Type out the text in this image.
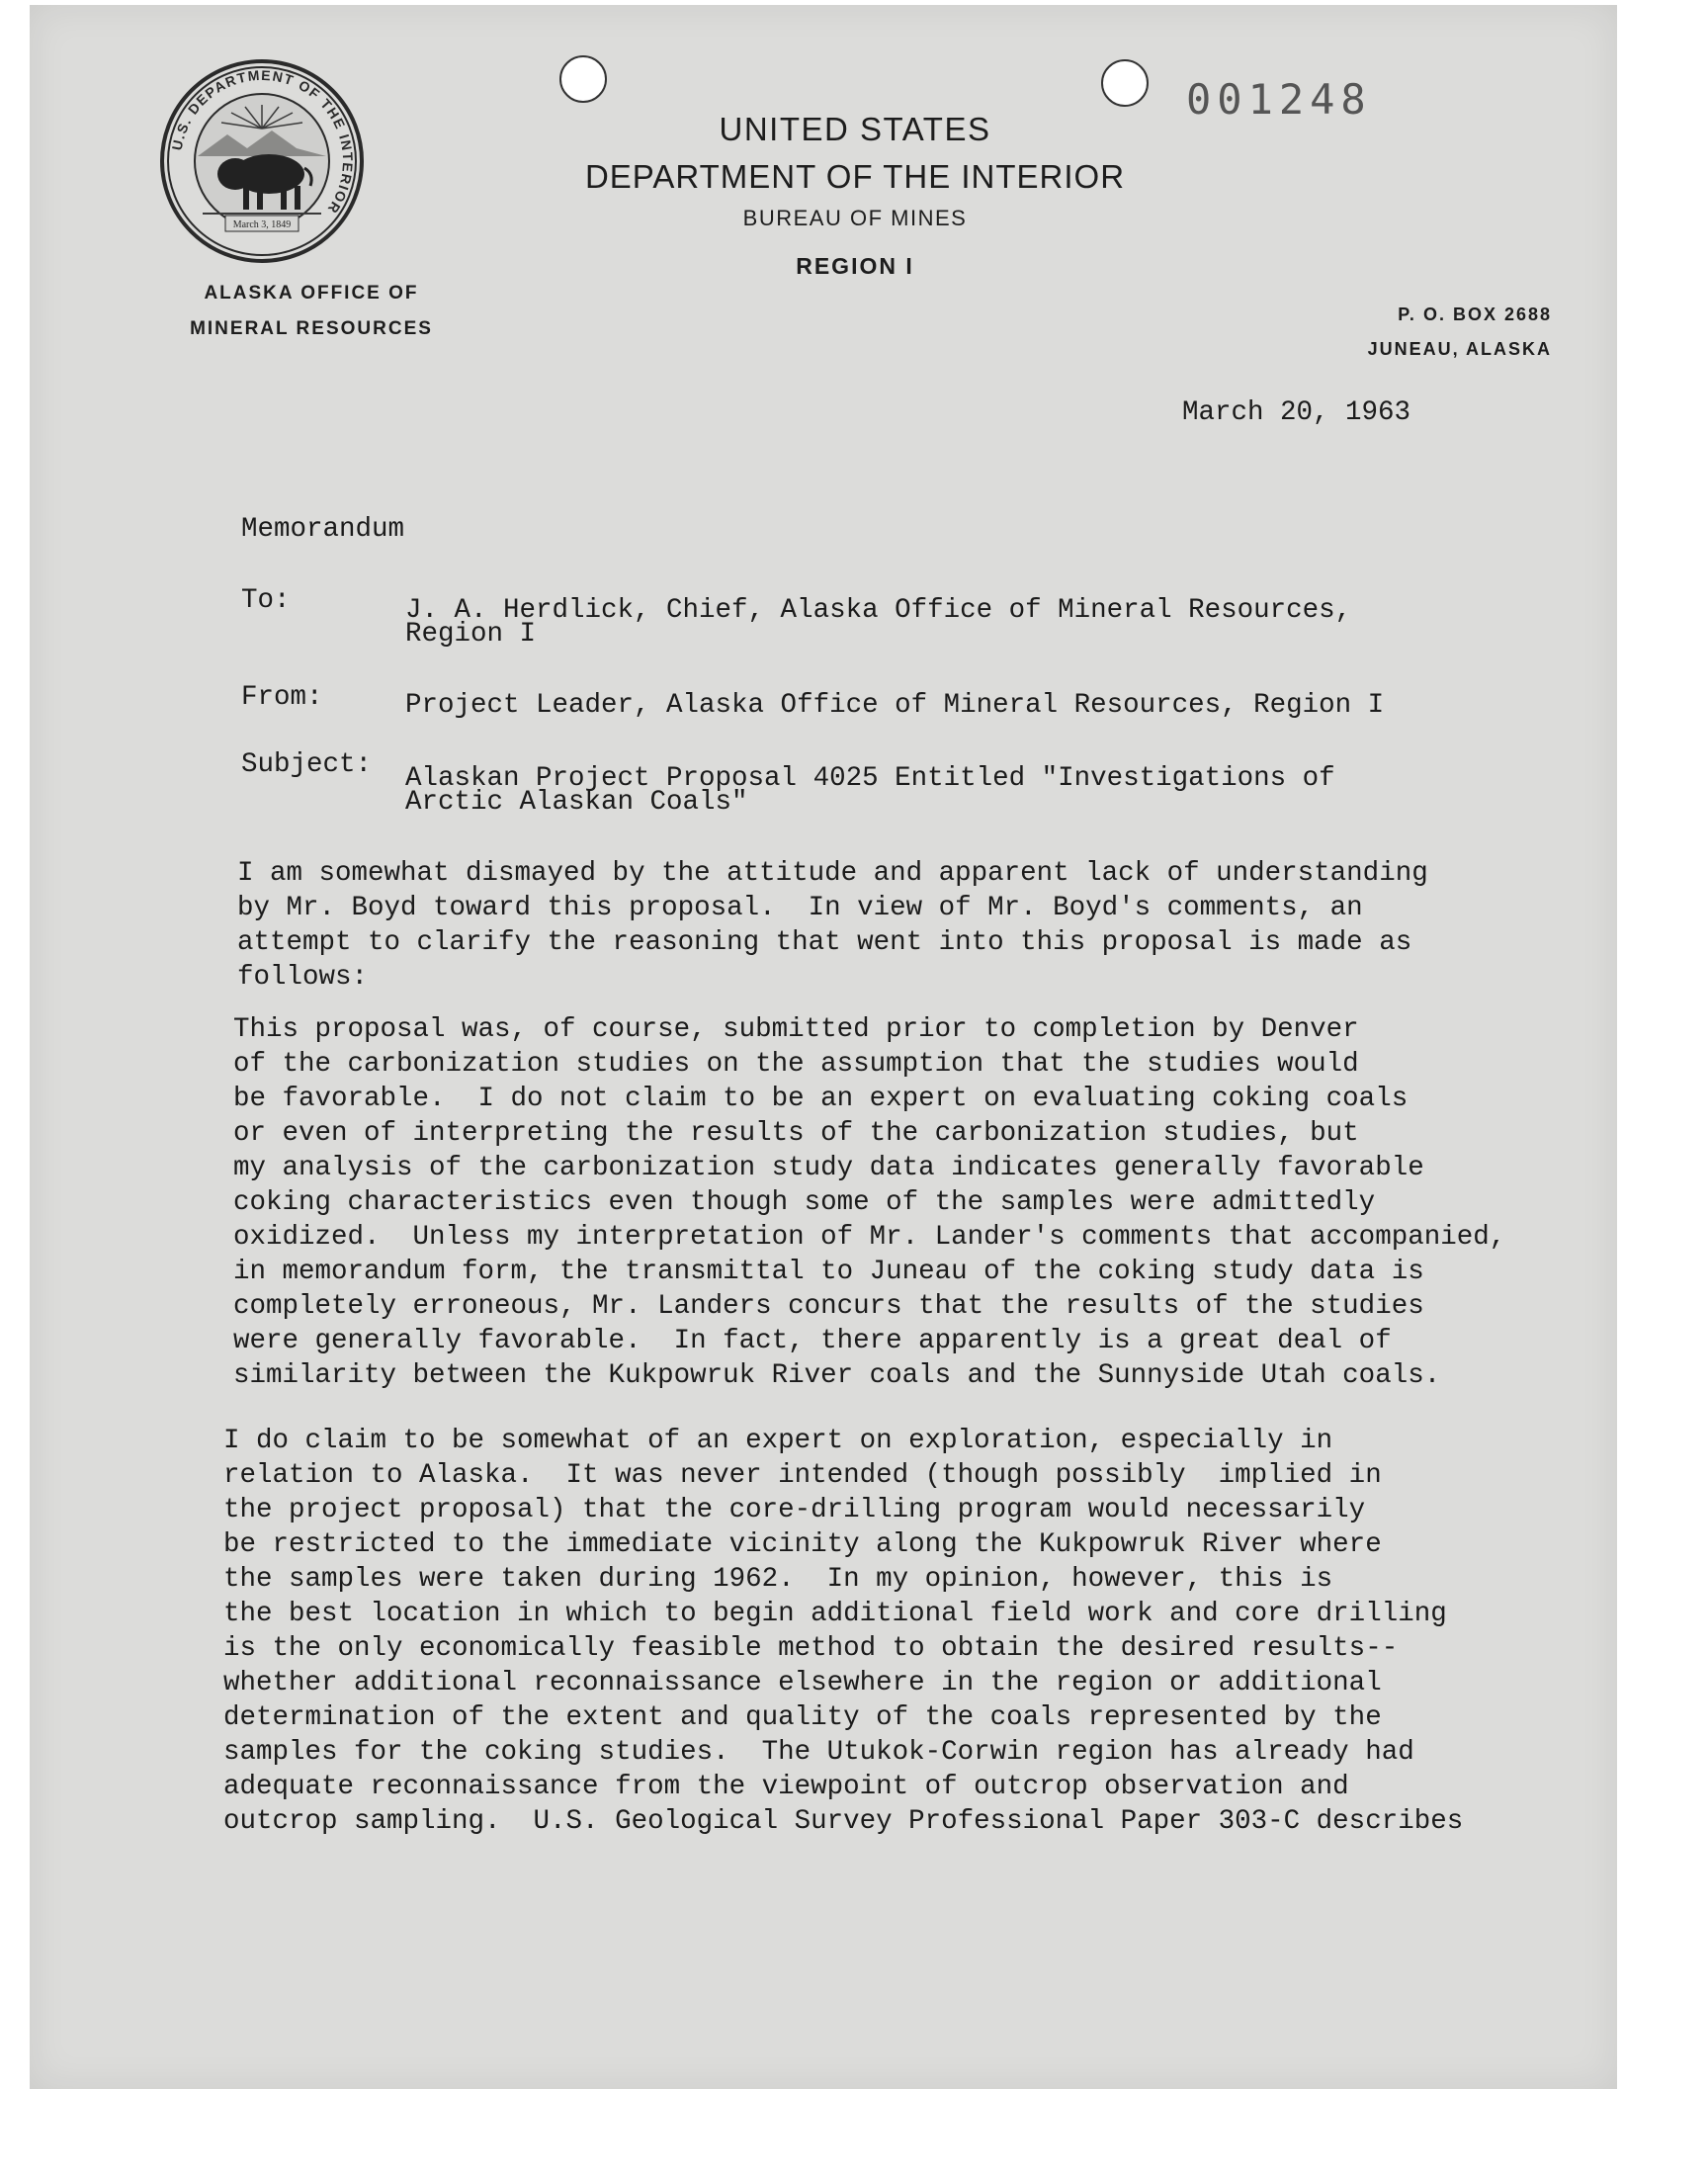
001248
U.S. DEPARTMENT OF THE INTERIOR
March 3, 1849
UNITED STATES
DEPARTMENT OF THE INTERIOR
BUREAU OF MINES
REGION I
ALASKA OFFICE OF
MINERAL RESOURCES
P. O. BOX 2688
JUNEAU, ALASKA
March 20, 1963
Memorandum
To:	J. A. Herdlick, Chief, Alaska Office of Mineral Resources,
Region I
From:	Project Leader, Alaska Office of Mineral Resources, Region I
Subject: Alaskan Project Proposal 4025 Entitled "Investigations of
Arctic Alaskan Coals"
I am somewhat dismayed by the attitude and apparent lack of understanding
by Mr. Boyd toward this proposal.  In view of Mr. Boyd's comments, an
attempt to clarify the reasoning that went into this proposal is made as
follows:
This proposal was, of course, submitted prior to completion by Denver
of the carbonization studies on the assumption that the studies would
be favorable.  I do not claim to be an expert on evaluating coking coals
or even of interpreting the results of the carbonization studies, but
my analysis of the carbonization study data indicates generally favorable
coking characteristics even though some of the samples were admittedly
oxidized.  Unless my interpretation of Mr. Lander's comments that accompanied,
in memorandum form, the transmittal to Juneau of the coking study data is
completely erroneous, Mr. Landers concurs that the results of the studies
were generally favorable.  In fact, there apparently is a great deal of
similarity between the Kukpowruk River coals and the Sunnyside Utah coals.
I do claim to be somewhat of an expert on exploration, especially in
relation to Alaska.  It was never intended (though possibly  implied in
the project proposal) that the core-drilling program would necessarily
be restricted to the immediate vicinity along the Kukpowruk River where
the samples were taken during 1962.  In my opinion, however, this is
the best location in which to begin additional field work and core drilling
is the only economically feasible method to obtain the desired results--
whether additional reconnaissance elsewhere in the region or additional
determination of the extent and quality of the coals represented by the
samples for the coking studies.  The Utukok-Corwin region has already had
adequate reconnaissance from the viewpoint of outcrop observation and
outcrop sampling.  U.S. Geological Survey Professional Paper 303-C describes
